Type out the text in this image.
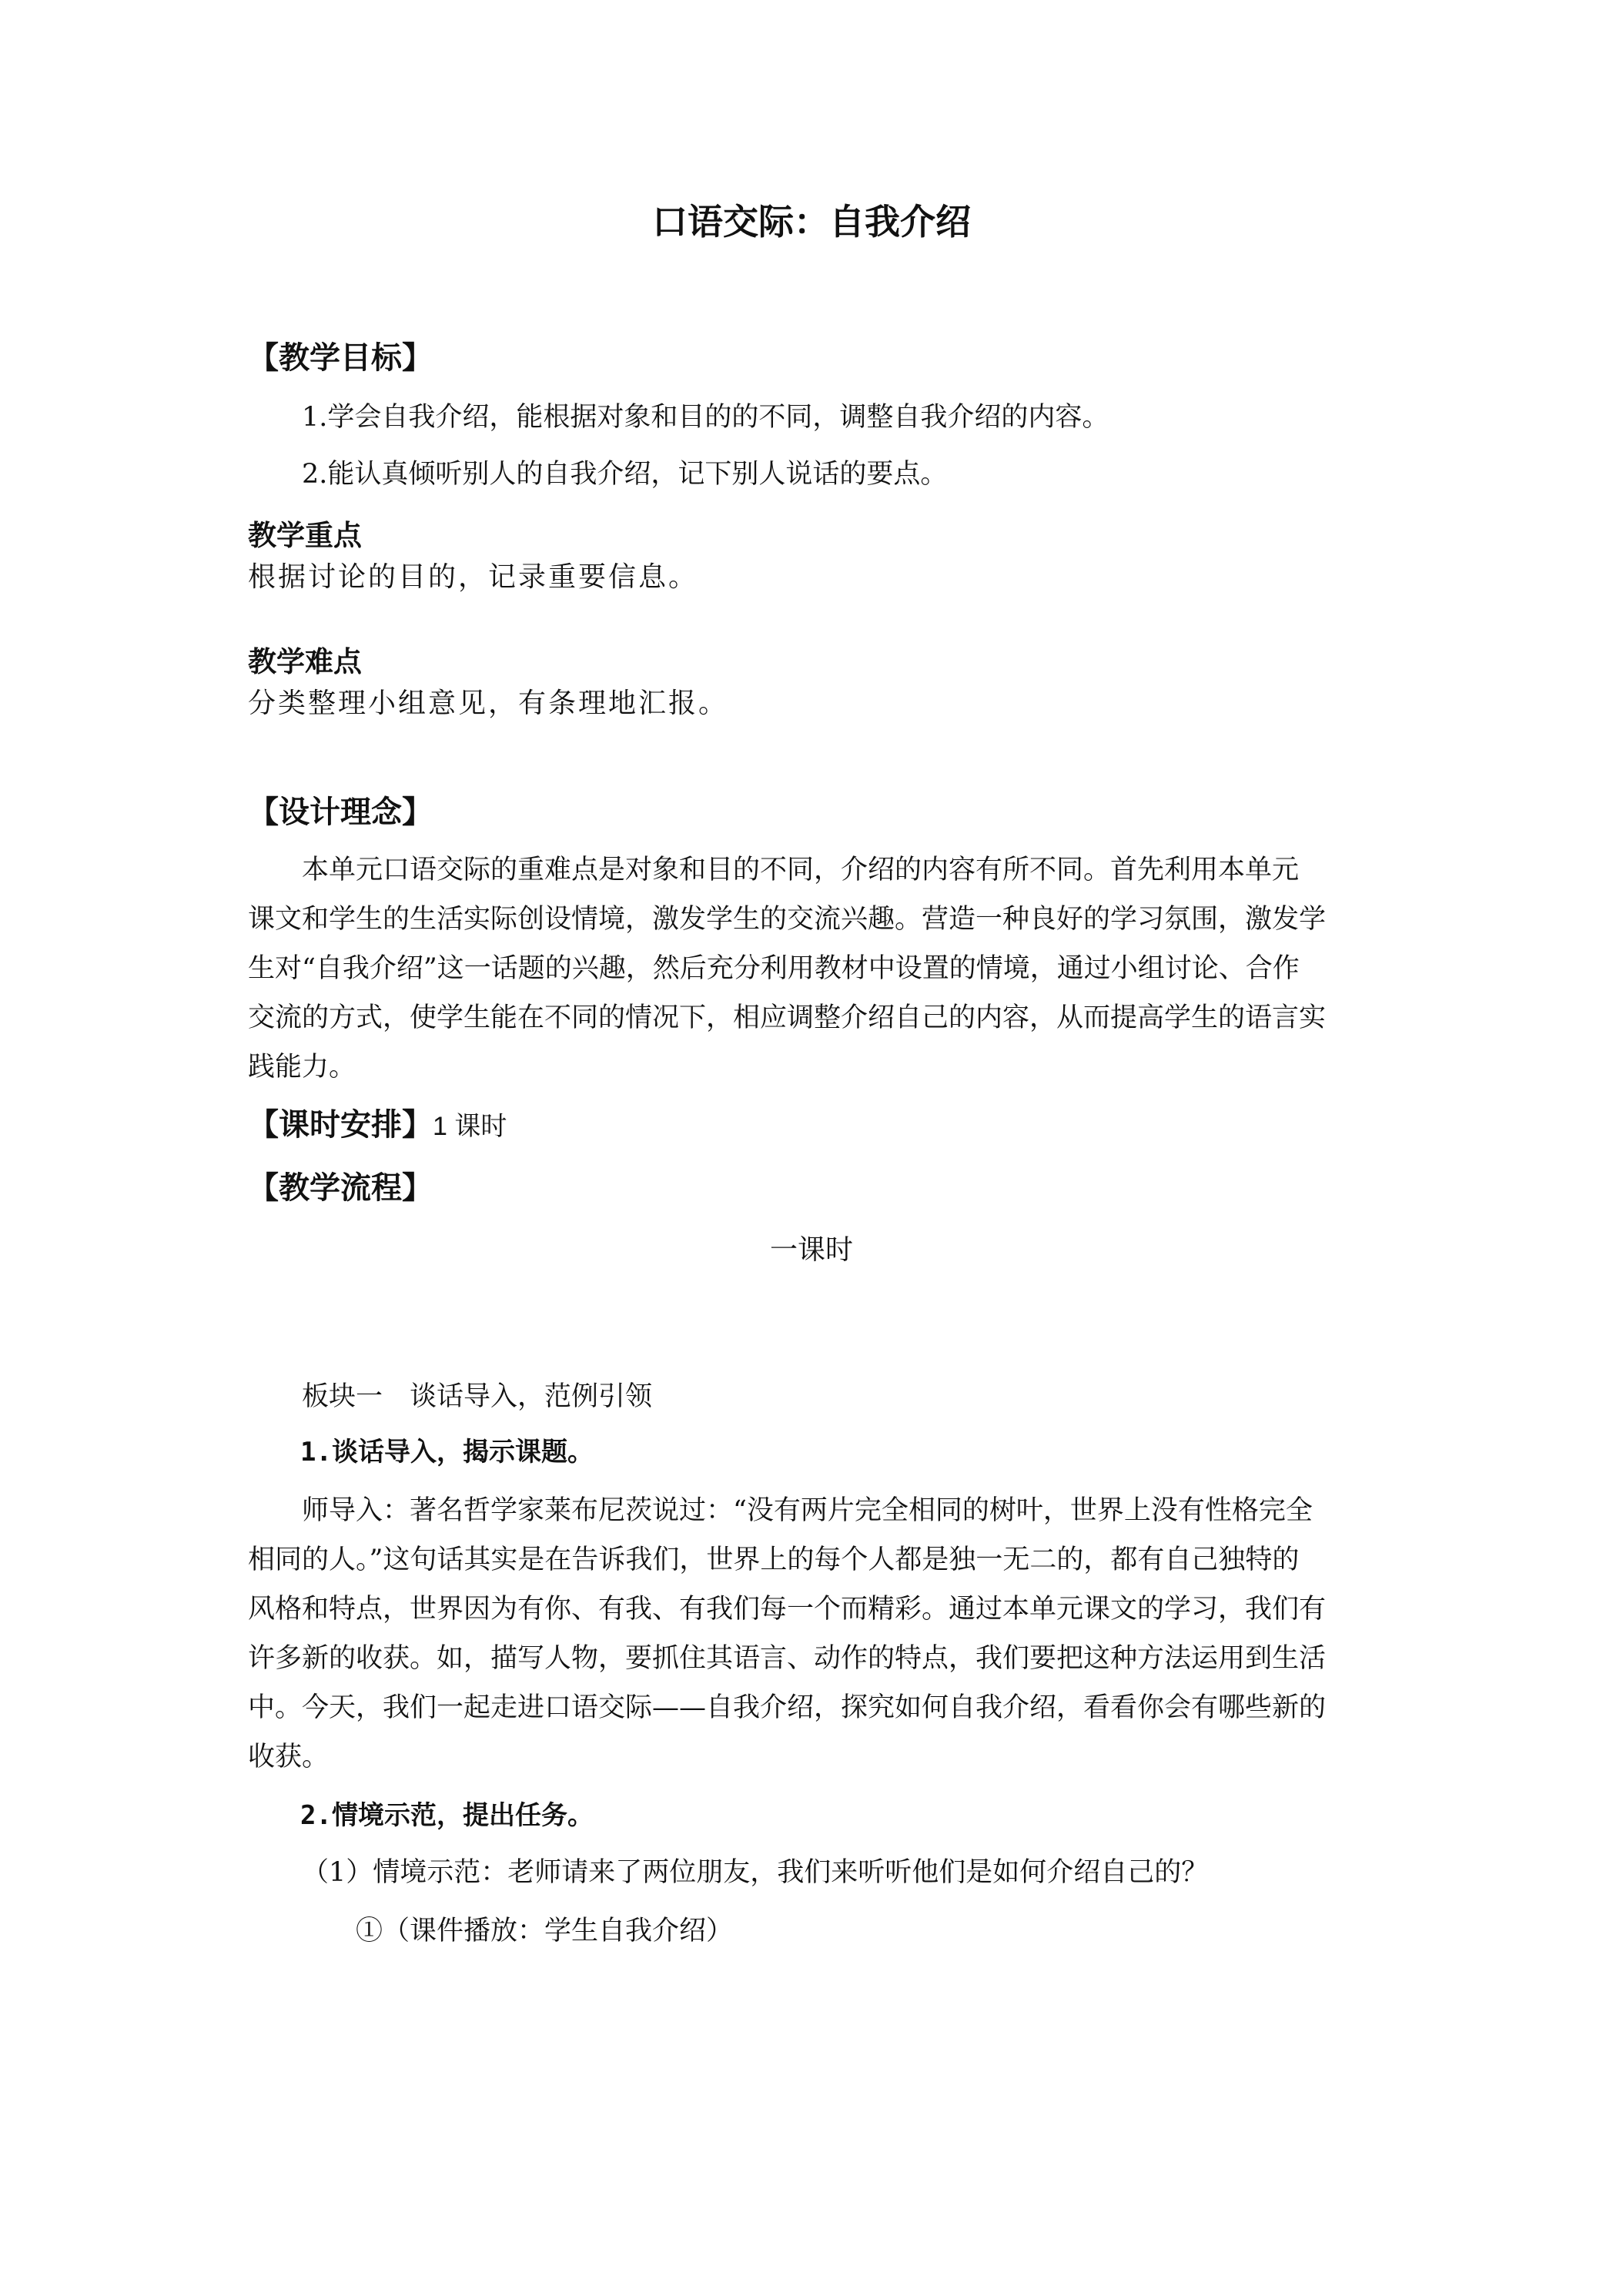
口语交际：自我介绍
【教学目标】
1.学会自我介绍，能根据对象和目的的不同，调整自我介绍的内容。
2.能认真倾听别人的自我介绍，记下别人说话的要点。
教学重点
根据讨论的目的，记录重要信息。
教学难点
分类整理小组意见，有条理地汇报。
【设计理念】
本单元口语交际的重难点是对象和目的不同，介绍的内容有所不同。首先利用本单元
课文和学生的生活实际创设情境，激发学生的交流兴趣。营造一种良好的学习氛围，激发学
生对“自我介绍”这一话题的兴趣，然后充分利用教材中设置的情境，通过小组讨论、合作
交流的方式，使学生能在不同的情况下，相应调整介绍自己的内容，从而提高学生的语言实
践能力。
【课时安排】1 课时
【教学流程】
一课时
板块一　谈话导入，范例引领
1.谈话导入，揭示课题。
师导入：著名哲学家莱布尼茨说过：“没有两片完全相同的树叶，世界上没有性格完全
相同的人。”这句话其实是在告诉我们，世界上的每个人都是独一无二的，都有自己独特的
风格和特点，世界因为有你、有我、有我们每一个而精彩。通过本单元课文的学习，我们有
许多新的收获。如，描写人物，要抓住其语言、动作的特点，我们要把这种方法运用到生活
中。今天，我们一起走进口语交际——自我介绍，探究如何自我介绍，看看你会有哪些新的
收获。
2.情境示范，提出任务。
（1）情境示范：老师请来了两位朋友，我们来听听他们是如何介绍自己的？
①（课件播放：学生自我介绍）
